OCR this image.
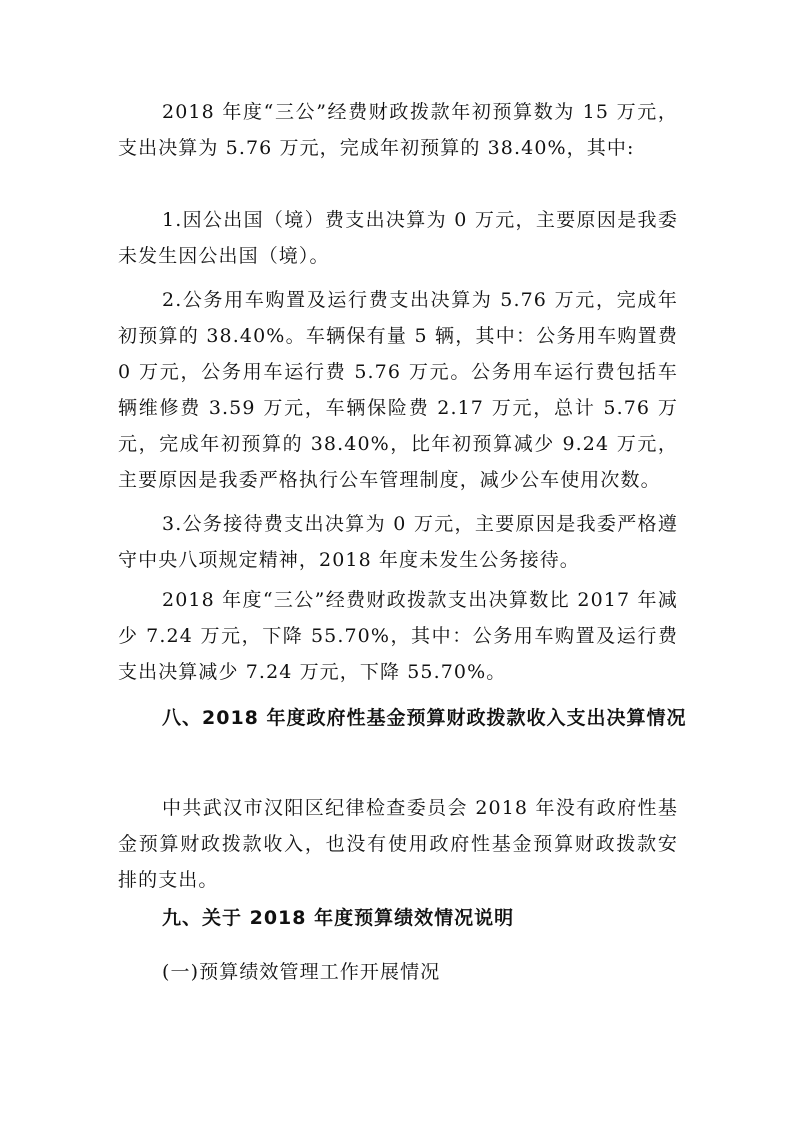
2018 年度“三公”经费财政拨款年初预算数为 15 万元，支出决算为 5.76 万元，完成年初预算的 38.40%，其中:

1.因公出国（境）费支出决算为 0 万元，主要原因是我委未发生因公出国（境）。

2.公务用车购置及运行费支出决算为 5.76 万元，完成年初预算的 38.40%。车辆保有量 5 辆，其中：公务用车购置费 0 万元，公务用车运行费 5.76 万元。公务用车运行费包括车辆维修费 3.59 万元，车辆保险费 2.17 万元，总计 5.76 万元，完成年初预算的 38.40%，比年初预算减少 9.24 万元，主要原因是我委严格执行公车管理制度，减少公车使用次数。

3.公务接待费支出决算为 0 万元，主要原因是我委严格遵守中央八项规定精神，2018 年度未发生公务接待。

2018 年度“三公”经费财政拨款支出决算数比 2017 年减少 7.24 万元，下降 55.70%，其中：公务用车购置及运行费支出决算减少 7.24 万元，下降 55.70%。

八、2018 年度政府性基金预算财政拨款收入支出决算情况

中共武汉市汉阳区纪律检查委员会 2018 年没有政府性基金预算财政拨款收入，也没有使用政府性基金预算财政拨款安排的支出。

九、关于 2018 年度预算绩效情况说明

(一)预算绩效管理工作开展情况
